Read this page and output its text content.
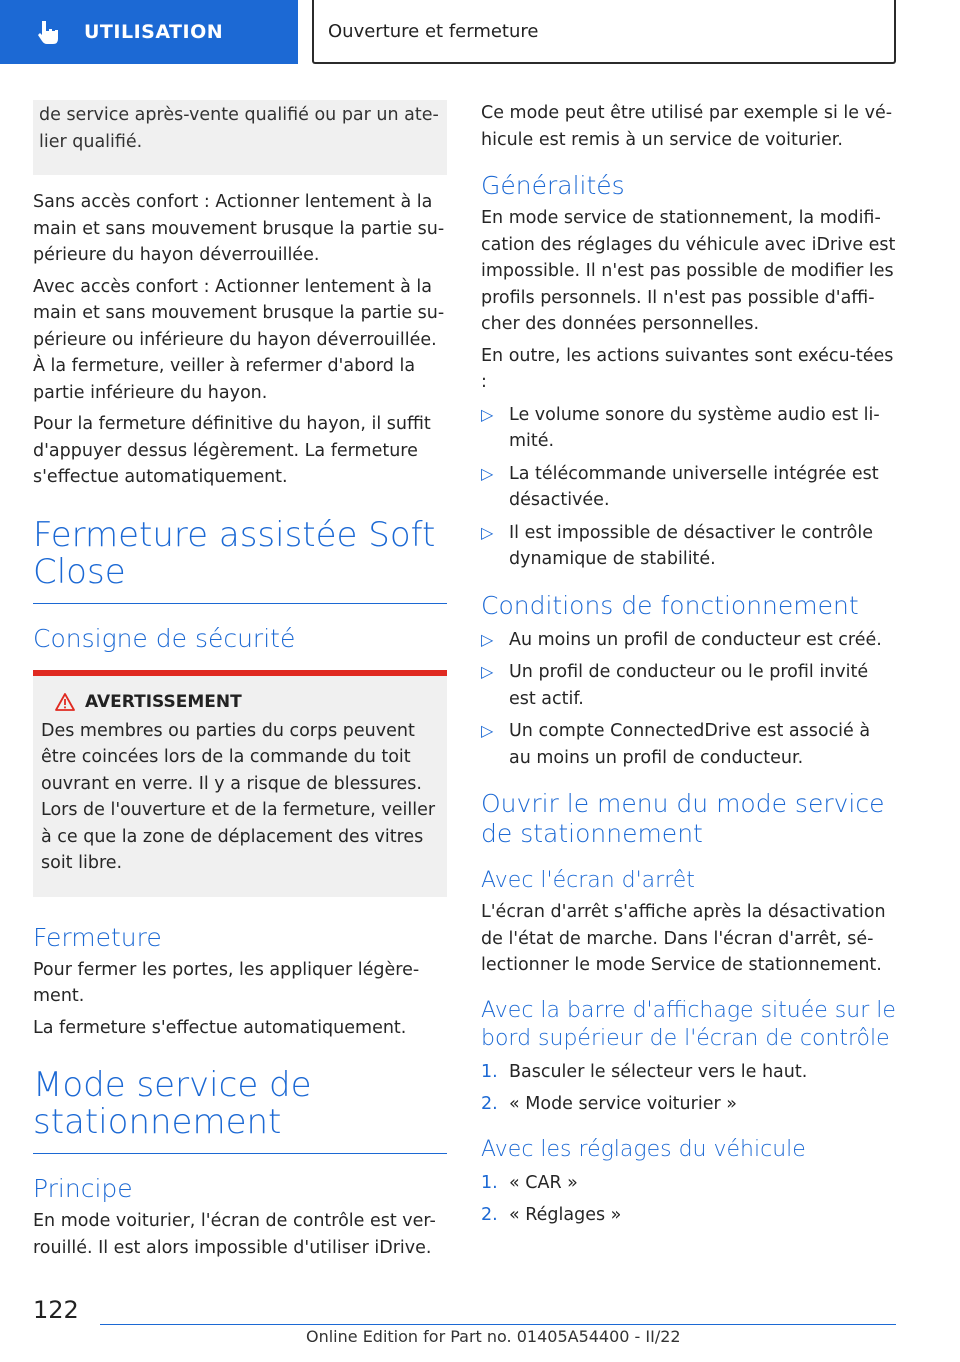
UTILISATION	Ouverture et fermeture
de service après-vente qualifié ou par un ate-lier qualifié.
Sans accès confort : Actionner lentement à la main et sans mouvement brusque la partie su-périeure du hayon déverrouillée.
Avec accès confort : Actionner lentement à la main et sans mouvement brusque la partie su-périeure ou inférieure du hayon déverrouillée. À la fermeture, veiller à refermer d'abord la partie inférieure du hayon.
Pour la fermeture définitive du hayon, il suffit d'appuyer dessus légèrement. La fermeture s'effectue automatiquement.
Fermeture assistée Soft Close
Consigne de sécurité
AVERTISSEMENT
Des membres ou parties du corps peuvent être coincées lors de la commande du toit ouvrant en verre. Il y a risque de blessures. Lors de l'ouverture et de la fermeture, veiller à ce que la zone de déplacement des vitres soit libre.
Fermeture
Pour fermer les portes, les appliquer légère-ment.
La fermeture s'effectue automatiquement.
Mode service de stationnement
Principe
En mode voiturier, l'écran de contrôle est ver-rouillé. Il est alors impossible d'utiliser iDrive.
Ce mode peut être utilisé par exemple si le vé-hicule est remis à un service de voiturier.
Généralités
En mode service de stationnement, la modifi-cation des réglages du véhicule avec iDrive est impossible. Il n'est pas possible de modifier les profils personnels. Il n'est pas possible d'affi-cher des données personnelles.
En outre, les actions suivantes sont exécu-tées :
▷ Le volume sonore du système audio est li-mité.
▷ La télécommande universelle intégrée est désactivée.
▷ Il est impossible de désactiver le contrôle dynamique de stabilité.
Conditions de fonctionnement
▷ Au moins un profil de conducteur est créé.
▷ Un profil de conducteur ou le profil invité est actif.
▷ Un compte ConnectedDrive est associé à au moins un profil de conducteur.
Ouvrir le menu du mode service de stationnement
Avec l'écran d'arrêt
L'écran d'arrêt s'affiche après la désactivation de l'état de marche. Dans l'écran d'arrêt, sé-lectionner le mode Service de stationnement.
Avec la barre d'affichage située sur le bord supérieur de l'écran de contrôle
1. Basculer le sélecteur vers le haut.
2. « Mode service voiturier »
Avec les réglages du véhicule
1. « CAR »
2. « Réglages »
122
Online Edition for Part no. 01405A54400 - II/22
